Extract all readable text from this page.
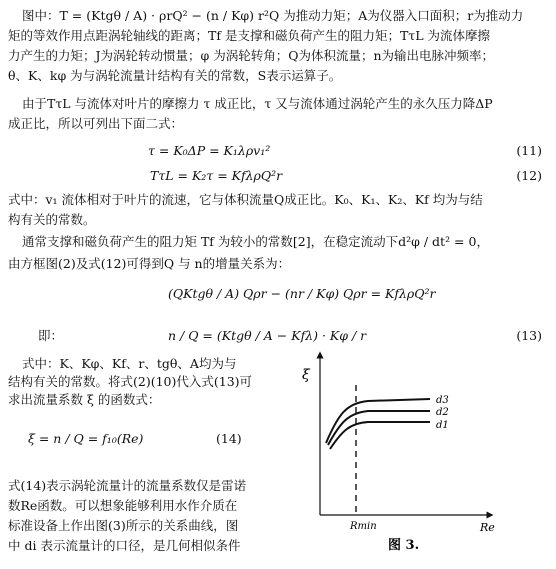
图中：T = (Ktgθ / A) · ρrQ² − (n / Kφ) r²Q 为推动力矩；A为仪器入口面积；r为推动力
矩的等效作用点距涡轮轴线的距离；Tf 是支撑和磁负荷产生的阻力矩；TτL 为流体摩擦
力产生的力矩；J为涡轮转动惯量；φ 为涡轮转角；Q为体积流量；n为输出电脉冲频率；
θ、K、kφ 为与涡轮流量计结构有关的常数，S表示运算子。
由于TτL 与流体对叶片的摩擦力 τ 成正比，τ 又与流体通过涡轮产生的永久压力降ΔP
成正比，所以可列出下面二式：
τ = K₀ΔP = K₁λρv₁²	(11)
TτL = K₂τ = KfλρQ²r	(12)
式中：v₁ 流体相对于叶片的流速，它与体积流量Q成正比。K₀、K₁、K₂、Kf 均为与结
构有关的常数。
通常支撑和磁负荷产生的阻力矩 Tf 为较小的常数[2]，在稳定流动下d²φ / dt² = 0，
由方框图(2)及式(12)可得到Q 与 n的增量关系为：
(QKtgθ / A) Qρr − (nr / Kφ) Qρr = KfλρQ²r
即：	n / Q = (Ktgθ / A − Kfλ) · Kφ / r	(13)
式中：K、Kφ、Kf、r、tgθ、A均为与
结构有关的常数。将式(2)(10)代入式(13)可
求出流量系数 ξ 的函数式：
ξ = n / Q = f₁₀(Re)	(14)
式(14)表示涡轮流量计的流量系数仅是雷诺
数Re函数。可以想象能够利用水作介质在
标准设备上作出图(3)所示的关系曲线，图
中 di 表示流量计的口径，是几何相似条件
ξ
Re
Rmin
d3
d2
d1
图 3.
